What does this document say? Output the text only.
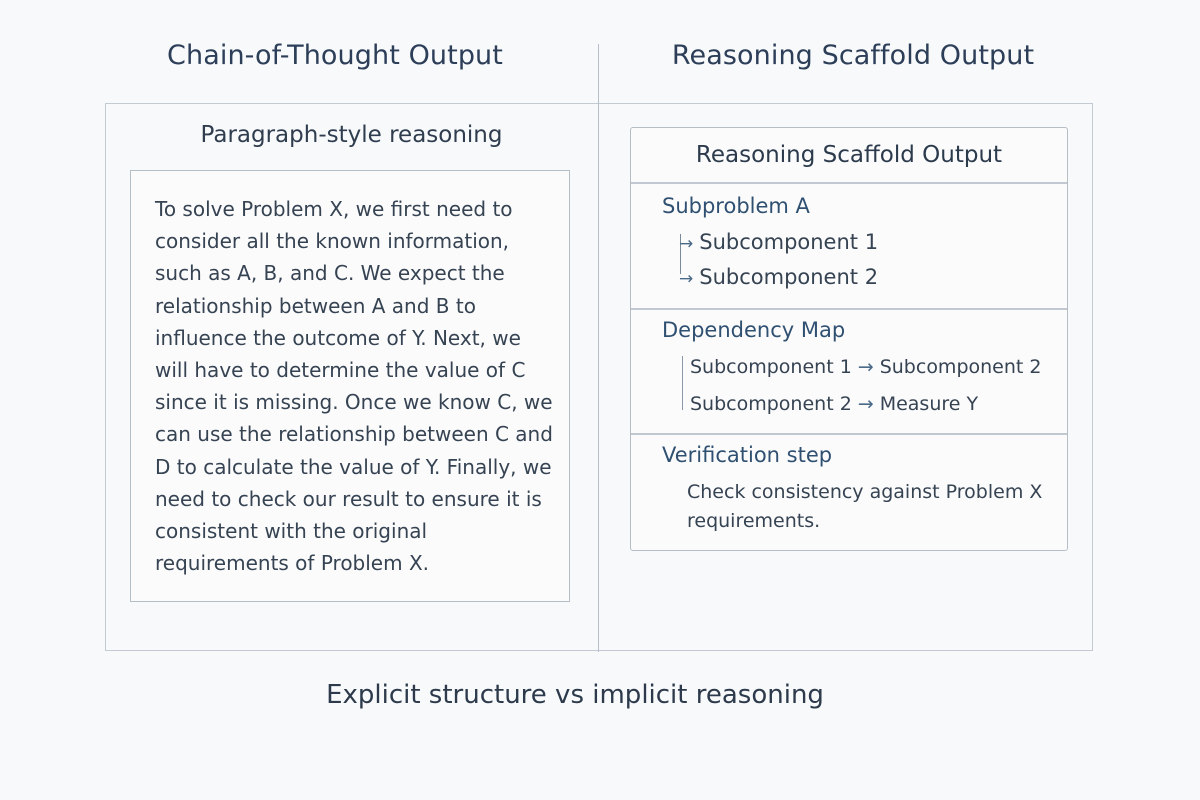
Chain-of-Thought Output	Reasoning Scaffold Output
Paragraph-style reasoning
To solve Problem X, we first need to consider all the known information, such as A, B, and C. We expect the relationship between A and B to influence the outcome of Y. Next, we will have to determine the value of C since it is missing. Once we know C, we can use the relationship between C and D to calculate the value of Y. Finally, we need to check our result to ensure it is consistent with the original requirements of Problem X.
Reasoning Scaffold Output
Subproblem A
→ Subcomponent 1
→ Subcomponent 2
Dependency Map
Subcomponent 1 → Subcomponent 2
Subcomponent 2 → Measure Y
Verification step
Check consistency against Problem X requirements.
Explicit structure vs implicit reasoning
